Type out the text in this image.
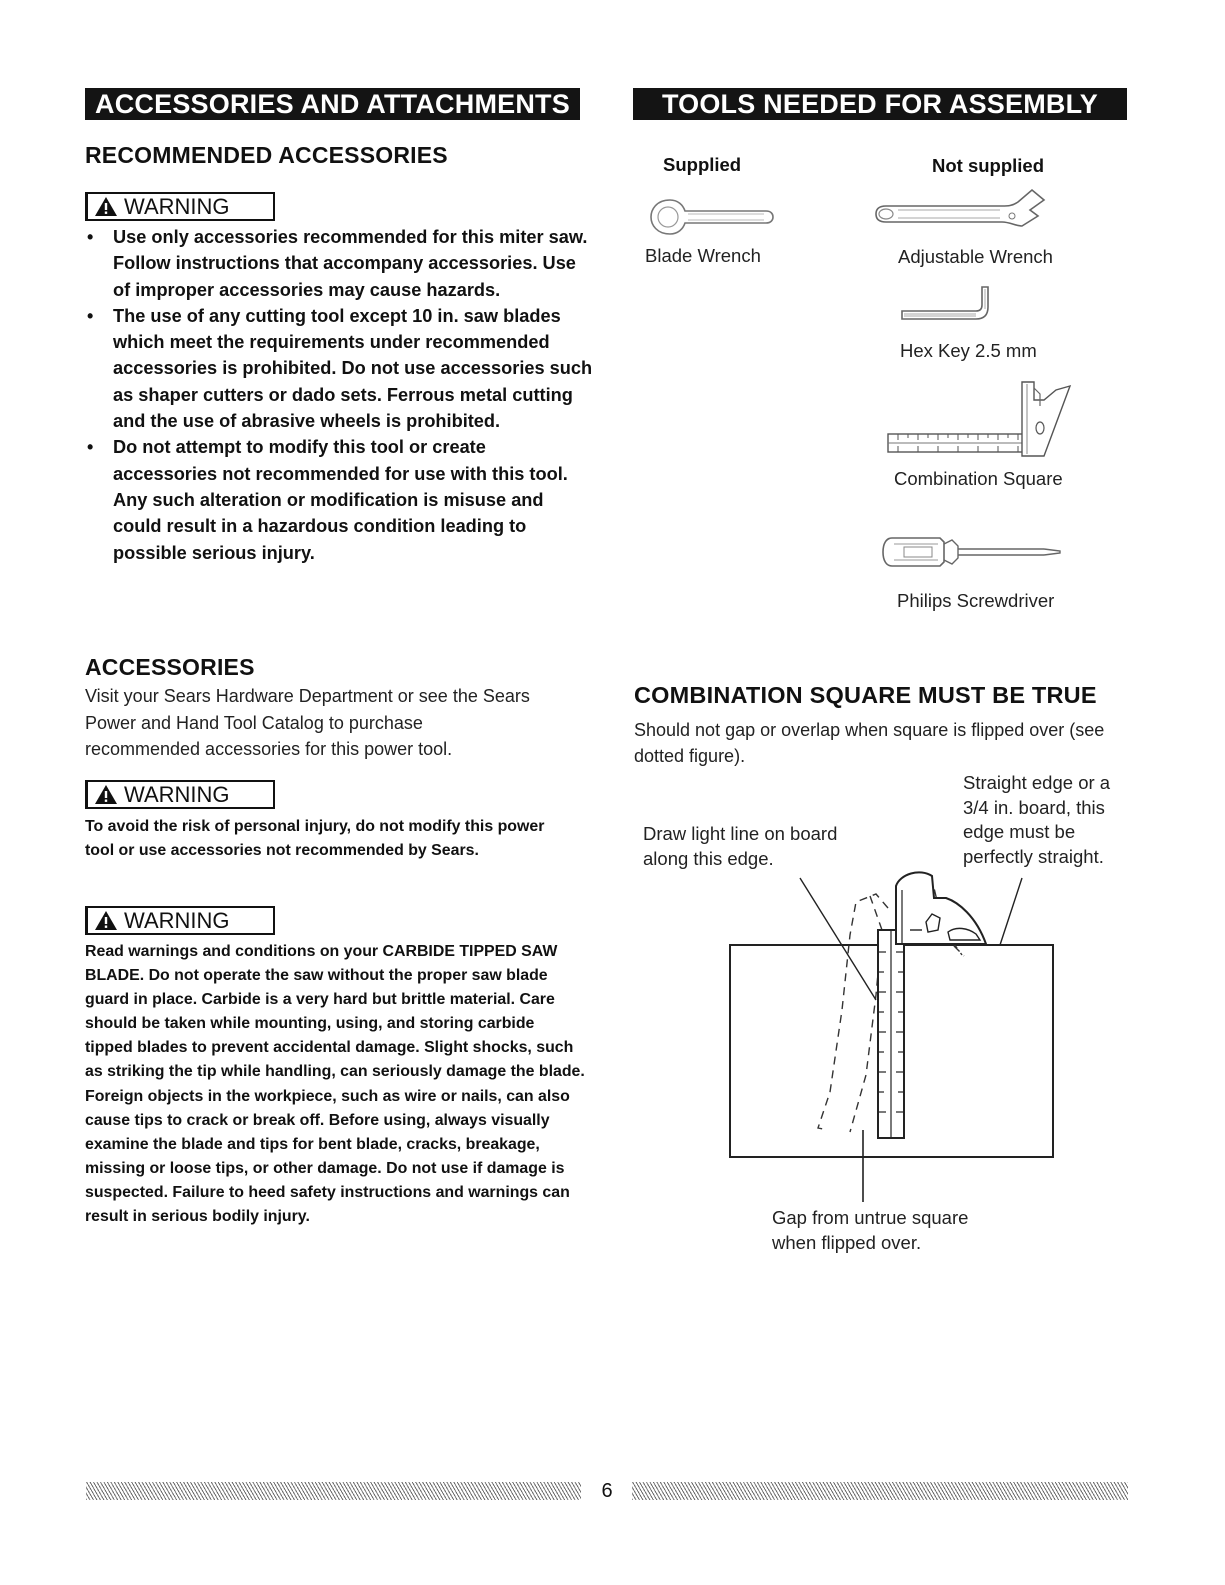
ACCESSORIES AND ATTACHMENTS
RECOMMENDED ACCESSORIES
WARNING
• Use only accessories recommended for this miter saw. Follow instructions that accompany accessories. Use of improper accessories may cause hazards.
• The use of any cutting tool except 10 in. saw blades which meet the requirements under recommended accessories is prohibited. Do not use accessories such as shaper cutters or dado sets. Ferrous metal cutting and the use of abrasive wheels is prohibited.
• Do not attempt to modify this tool or create accessories not recommended for use with this tool. Any such alteration or modification is misuse and could result in a hazardous condition leading to possible serious injury.
ACCESSORIES
Visit your Sears Hardware Department or see the Sears Power and Hand Tool Catalog to purchase recommended accessories for this power tool.
WARNING
To avoid the risk of personal injury, do not modify this power tool or use accessories not recommended by Sears.
WARNING
Read warnings and conditions on your CARBIDE TIPPED SAW BLADE. Do not operate the saw without the proper saw blade guard in place. Carbide is a very hard but brittle material. Care should be taken while mounting, using, and storing carbide tipped blades to prevent accidental damage. Slight shocks, such as striking the tip while handling, can seriously damage the blade. Foreign objects in the workpiece, such as wire or nails, can also cause tips to crack or break off. Before using, always visually examine the blade and tips for bent blade, cracks, breakage, missing or loose tips, or other damage. Do not use if damage is suspected. Failure to heed safety instructions and warnings can result in serious bodily injury.
TOOLS NEEDED FOR ASSEMBLY
Supplied	Not supplied
Blade Wrench	Adjustable Wrench
Hex Key 2.5 mm
Combination Square
Philips Screwdriver
COMBINATION SQUARE MUST BE TRUE
Should not gap or overlap when square is flipped over (see dotted figure).
Straight edge or a 3/4 in. board, this edge must be perfectly straight.
Draw light line on board along this edge.
Gap from untrue square when flipped over.
6
